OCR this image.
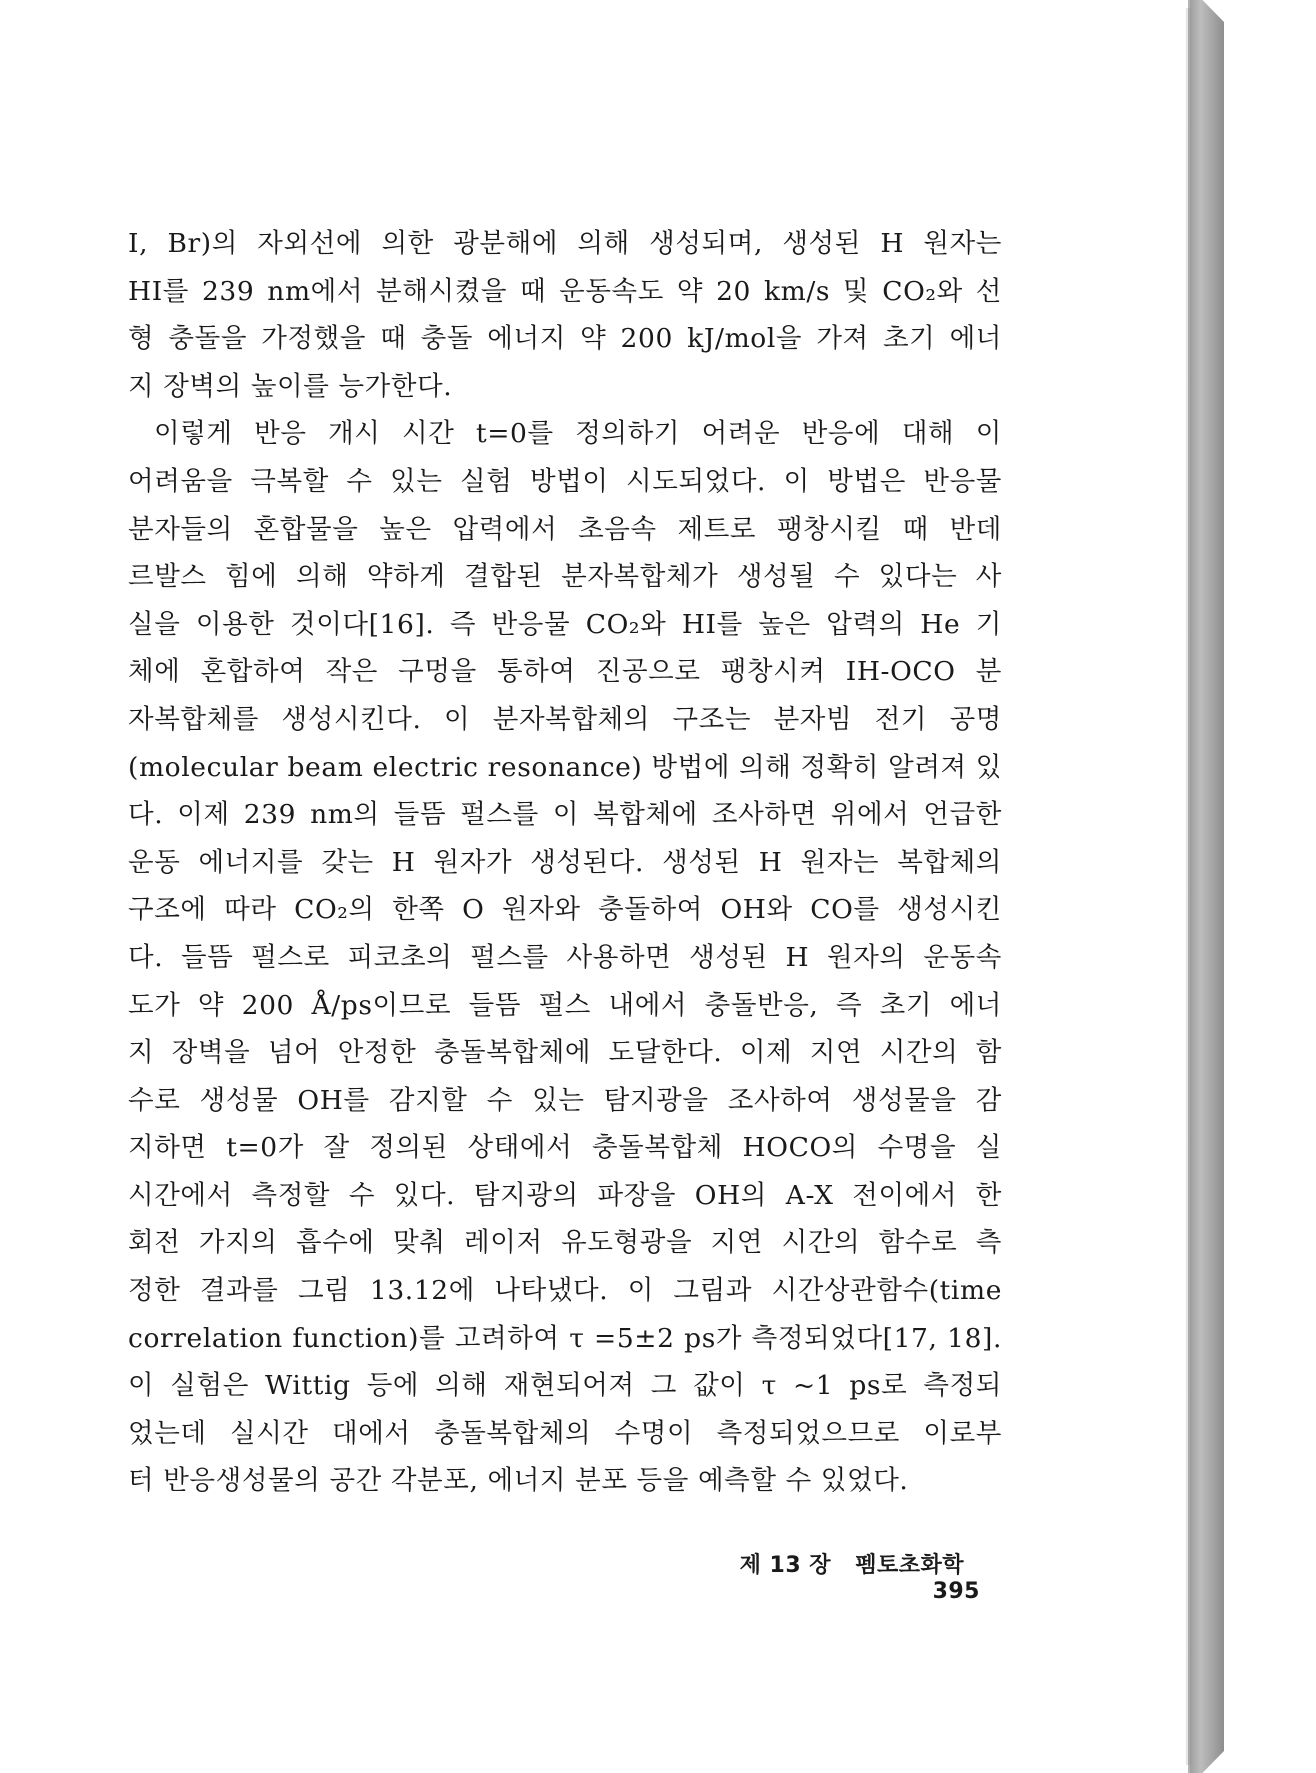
I, Br)의 자외선에 의한 광분해에 의해 생성되며, 생성된 H 원자는
HI를 239 nm에서 분해시켰을 때 운동속도 약 20 km/s 및 CO₂와 선
형 충돌을 가정했을 때 충돌 에너지 약 200 kJ/mol을 가져 초기 에너
지 장벽의 높이를 능가한다.
이렇게 반응 개시 시간 t=0를 정의하기 어려운 반응에 대해 이
어려움을 극복할 수 있는 실험 방법이 시도되었다. 이 방법은 반응물
분자들의 혼합물을 높은 압력에서 초음속 제트로 팽창시킬 때 반데
르발스 힘에 의해 약하게 결합된 분자복합체가 생성될 수 있다는 사
실을 이용한 것이다[16]. 즉 반응물 CO₂와 HI를 높은 압력의 He 기
체에 혼합하여 작은 구멍을 통하여 진공으로 팽창시켜 IH-OCO 분
자복합체를 생성시킨다. 이 분자복합체의 구조는 분자빔 전기 공명
(molecular beam electric resonance) 방법에 의해 정확히 알려져 있
다. 이제 239 nm의 들뜸 펄스를 이 복합체에 조사하면 위에서 언급한
운동 에너지를 갖는 H 원자가 생성된다. 생성된 H 원자는 복합체의
구조에 따라 CO₂의 한쪽 O 원자와 충돌하여 OH와 CO를 생성시킨
다. 들뜸 펄스로 피코초의 펄스를 사용하면 생성된 H 원자의 운동속
도가 약 200 Å/ps이므로 들뜸 펄스 내에서 충돌반응, 즉 초기 에너
지 장벽을 넘어 안정한 충돌복합체에 도달한다. 이제 지연 시간의 함
수로 생성물 OH를 감지할 수 있는 탐지광을 조사하여 생성물을 감
지하면 t=0가 잘 정의된 상태에서 충돌복합체 HOCO의 수명을 실
시간에서 측정할 수 있다. 탐지광의 파장을 OH의 A-X 전이에서 한
회전 가지의 흡수에 맞춰 레이저 유도형광을 지연 시간의 함수로 측
정한 결과를 그림 13.12에 나타냈다. 이 그림과 시간상관함수(time
correlation function)를 고려하여 τ =5±2 ps가 측정되었다[17, 18].
이 실험은 Wittig 등에 의해 재현되어져 그 값이 τ ~1 ps로 측정되
었는데 실시간 대에서 충돌복합체의 수명이 측정되었으므로 이로부
터 반응생성물의 공간 각분포, 에너지 분포 등을 예측할 수 있었다.
제 13 장 펨토초화학 395
